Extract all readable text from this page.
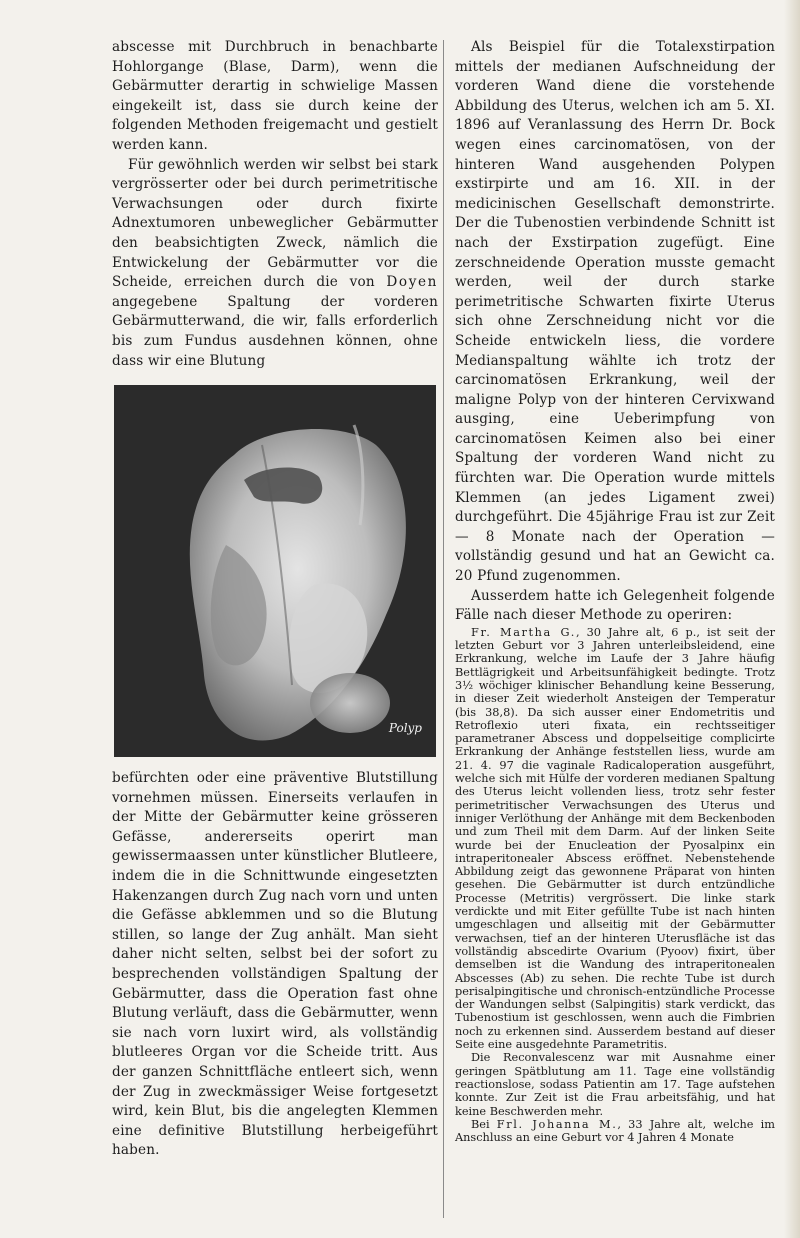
abscesse mit Durchbruch in benachbarte Hohlorgange (Blase, Darm), wenn die Gebärmutter derartig in schwielige Massen eingekeilt ist, dass sie durch keine der folgenden Methoden freigemacht und gestielt werden kann.

Für gewöhnlich werden wir selbst bei stark vergrösserter oder bei durch perimetritische Verwachsungen oder durch fixirte Adnextumoren unbeweglicher Gebärmutter den beabsichtigten Zweck, nämlich die Entwickelung der Gebärmutter vor die Scheide, erreichen durch die von Doyen angegebene Spaltung der vorderen Gebärmutterwand, die wir, falls erforderlich bis zum Fundus ausdehnen können, ohne dass wir eine Blutung

Polyp

befürchten oder eine präventive Blutstillung vornehmen müssen. Einerseits verlaufen in der Mitte der Gebärmutter keine grösseren Gefässe, andererseits operirt man gewissermaassen unter künstlicher Blutleere, indem die in die Schnittwunde eingesetzten Hakenzangen durch Zug nach vorn und unten die Gefässe abklemmen und so die Blutung stillen, so lange der Zug anhält. Man sieht daher nicht selten, selbst bei der sofort zu besprechenden vollständigen Spaltung der Gebärmutter, dass die Operation fast ohne Blutung verläuft, dass die Gebärmutter, wenn sie nach vorn luxirt wird, als vollständig blutleeres Organ vor die Scheide tritt. Aus der ganzen Schnittfläche entleert sich, wenn der Zug in zweckmässiger Weise fortgesetzt wird, kein Blut, bis die angelegten Klemmen eine definitive Blutstillung herbeigeführt haben.

Als Beispiel für die Totalexstirpation mittels der medianen Aufschneidung der vorderen Wand diene die vorstehende Abbildung des Uterus, welchen ich am 5. XI. 1896 auf Veranlassung des Herrn Dr. Bock wegen eines carcinomatösen, von der hinteren Wand ausgehenden Polypen exstirpirte und am 16. XII. in der medicinischen Gesellschaft demonstrirte. Der die Tubenostien verbindende Schnitt ist nach der Exstirpation zugefügt. Eine zerschneidende Operation musste gemacht werden, weil der durch starke perimetritische Schwarten fixirte Uterus sich ohne Zerschneidung nicht vor die Scheide entwickeln liess, die vordere Medianspaltung wählte ich trotz der carcinomatösen Erkrankung, weil der maligne Polyp von der hinteren Cervixwand ausging, eine Ueberimpfung von carcinomatösen Keimen also bei einer Spaltung der vorderen Wand nicht zu fürchten war. Die Operation wurde mittels Klemmen (an jedes Ligament zwei) durchgeführt. Die 45jährige Frau ist zur Zeit — 8 Monate nach der Operation — vollständig gesund und hat an Gewicht ca. 20 Pfund zugenommen.

Ausserdem hatte ich Gelegenheit folgende Fälle nach dieser Methode zu operiren:

Fr. Martha G., 30 Jahre alt, 6 p., ist seit der letzten Geburt vor 3 Jahren unterleibsleidend, eine Erkrankung, welche im Laufe der 3 Jahre häufig Bettlägrigkeit und Arbeitsunfähigkeit bedingte. Trotz 3½ wöchiger klinischer Behandlung keine Besserung, in dieser Zeit wiederholt Ansteigen der Temperatur (bis 38,8). Da sich ausser einer Endometritis und Retroflexio uteri fixata, ein rechtsseitiger parametraner Abscess und doppelseitige complicirte Erkrankung der Anhänge feststellen liess, wurde am 21. 4. 97 die vaginale Radicaloperation ausgeführt, welche sich mit Hülfe der vorderen medianen Spaltung des Uterus leicht vollenden liess, trotz sehr fester perimetritischer Verwachsungen des Uterus und inniger Verlöthung der Anhänge mit dem Beckenboden und zum Theil mit dem Darm. Auf der linken Seite wurde bei der Enucleation der Pyosalpinx ein intraperitonealer Abscess eröffnet. Nebenstehende Abbildung zeigt das gewonnene Präparat von hinten gesehen. Die Gebärmutter ist durch entzündliche Processe (Metritis) vergrössert. Die linke stark verdickte und mit Eiter gefüllte Tube ist nach hinten umgeschlagen und allseitig mit der Gebärmutter verwachsen, tief an der hinteren Uterusfläche ist das vollständig abscedirte Ovarium (Pyoov) fixirt, über demselben ist die Wandung des intraperitonealen Abscesses (Ab) zu sehen. Die rechte Tube ist durch perisalpingitische und chronisch-entzündliche Processe der Wandungen selbst (Salpingitis) stark verdickt, das Tubenostium ist geschlossen, wenn auch die Fimbrien noch zu erkennen sind. Ausserdem bestand auf dieser Seite eine ausgedehnte Parametritis.

Die Reconvalescenz war mit Ausnahme einer geringen Spätblutung am 11. Tage eine vollständig reactionslose, sodass Patientin am 17. Tage aufstehen konnte. Zur Zeit ist die Frau arbeitsfähig, und hat keine Beschwerden mehr.

Bei Frl. Johanna M., 33 Jahre alt, welche im Anschluss an eine Geburt vor 4 Jahren 4 Monate
